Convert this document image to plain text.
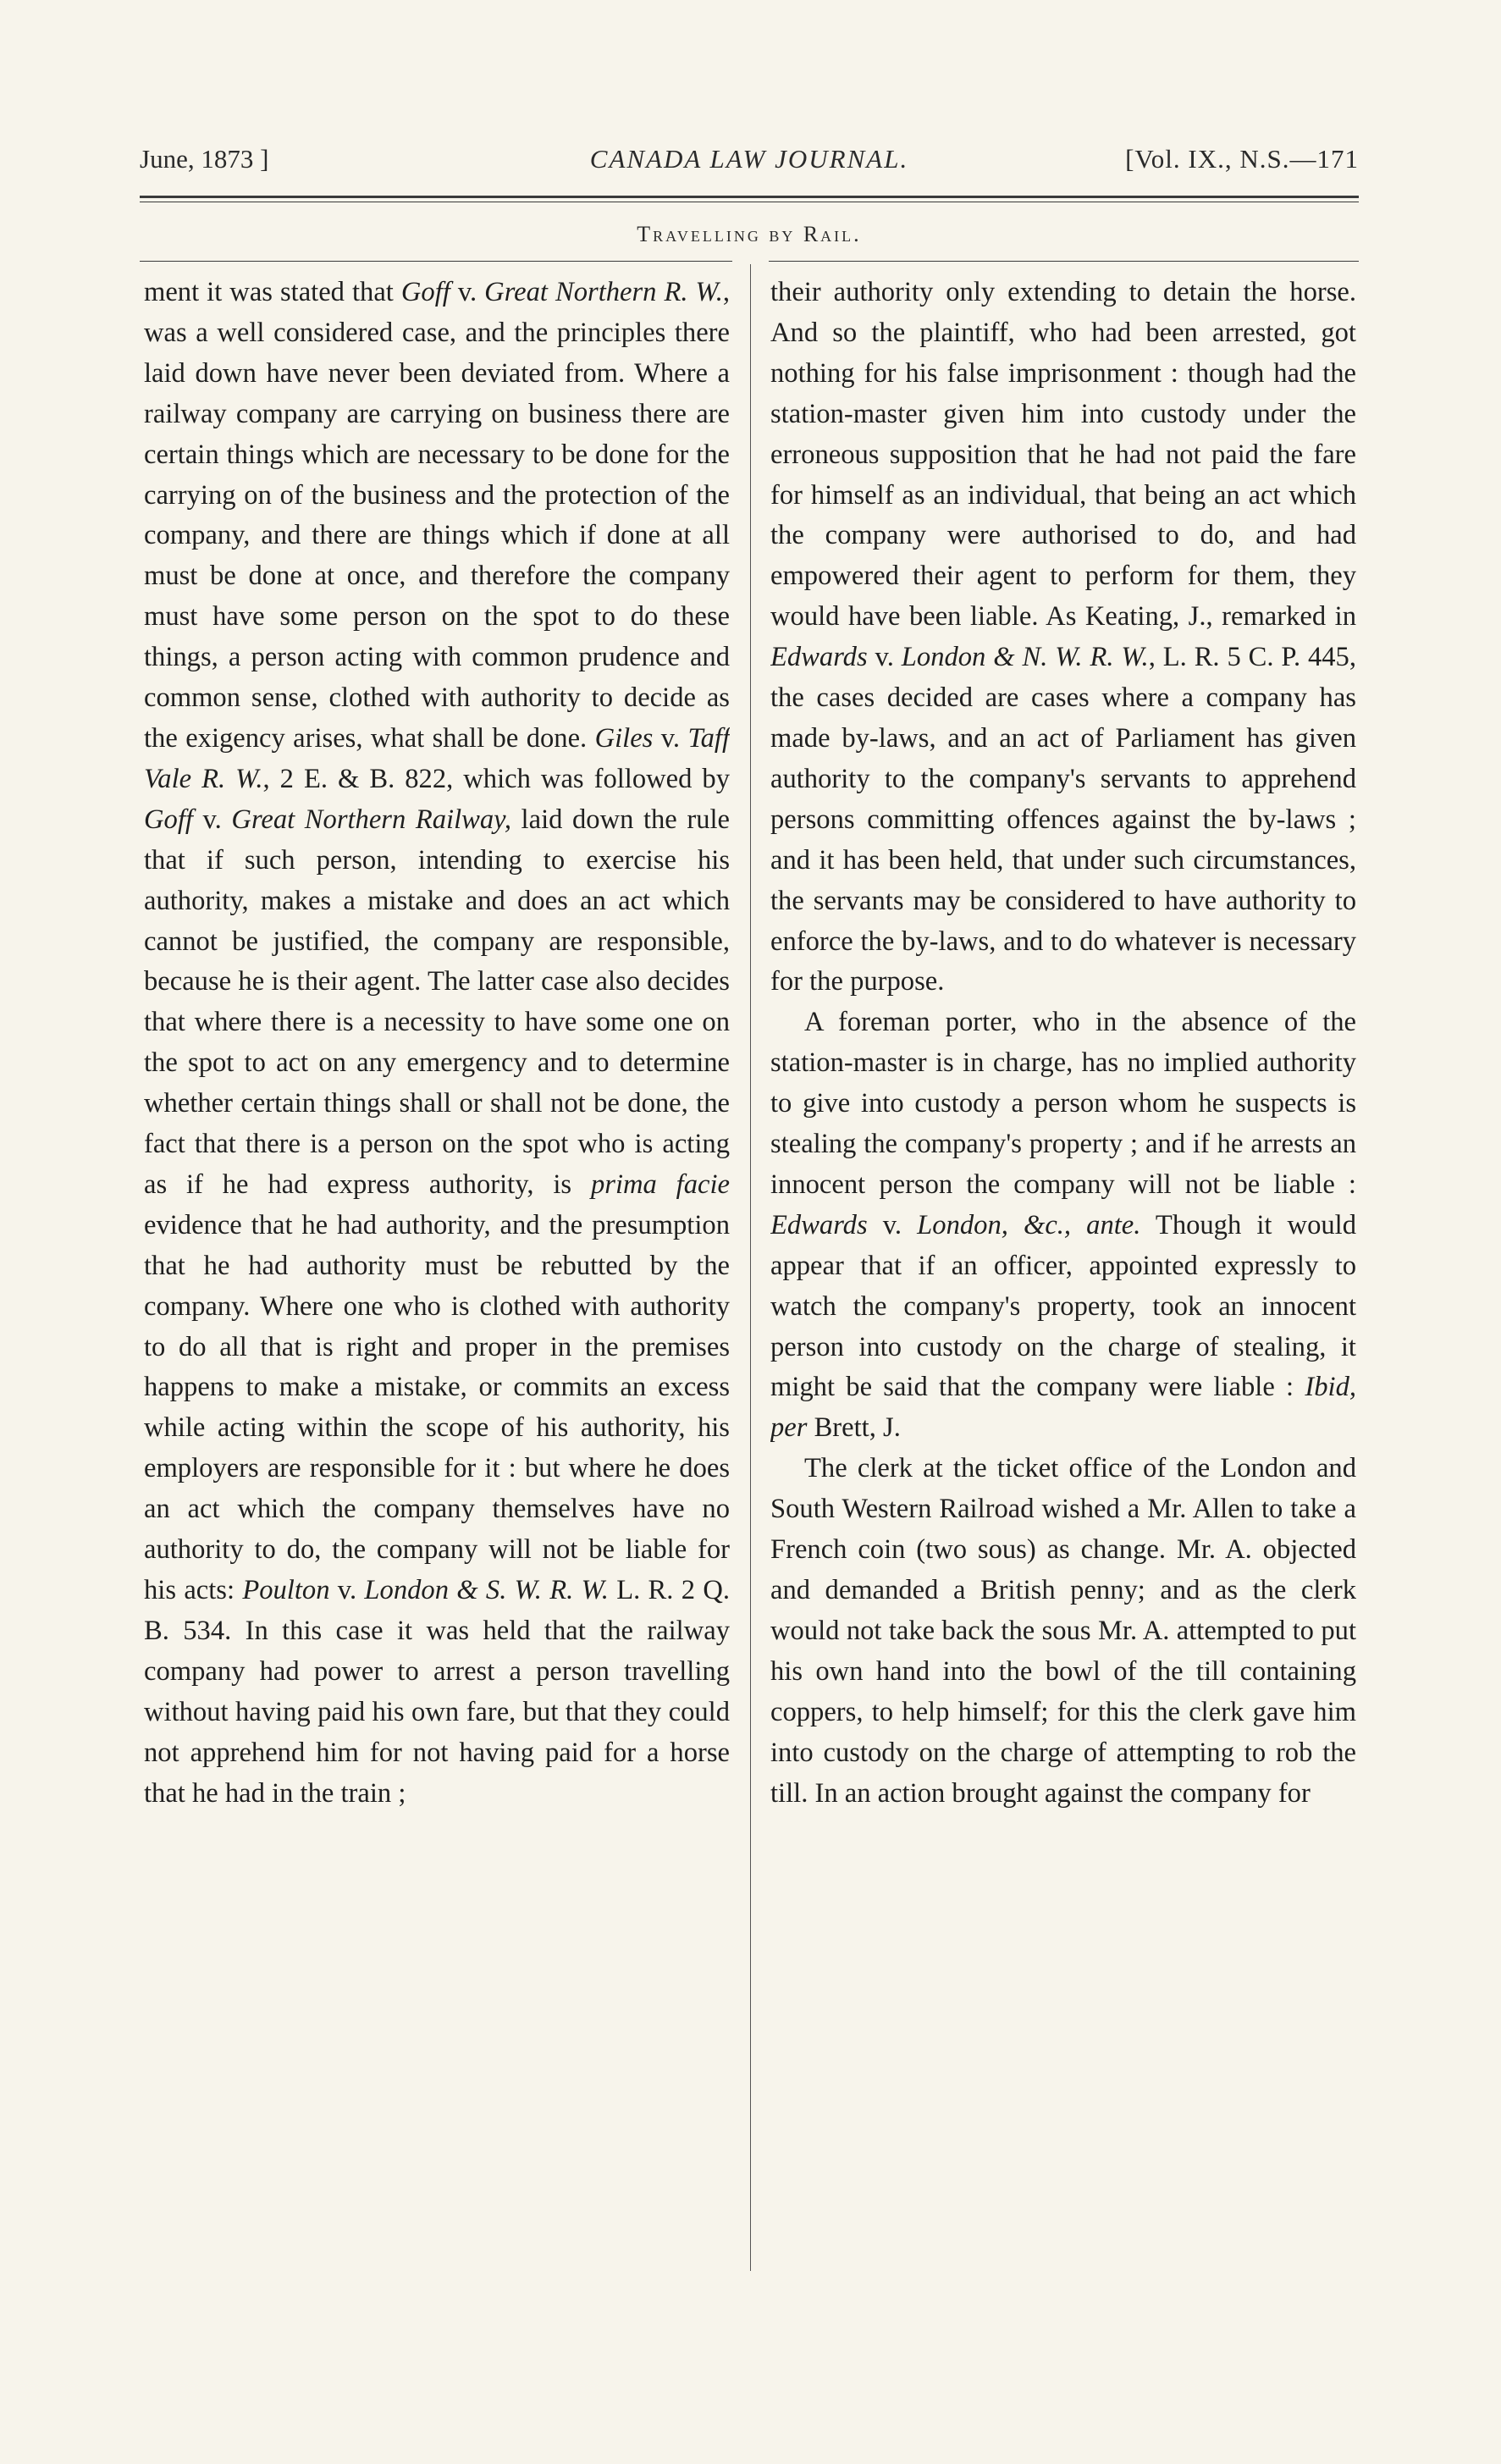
June, 1873 ]	CANADA LAW JOURNAL.	[Vol. IX., N.S.—171
Travelling by Rail.

ment it was stated that Goff v. Great Northern R. W., was a well considered case, and the principles there laid down have never been deviated from. Where a railway company are carrying on business there are certain things which are necessary to be done for the carrying on of the business and the protection of the company, and there are things which if done at all must be done at once, and therefore the company must have some person on the spot to do these things, a person acting with common prudence and common sense, clothed with authority to decide as the exigency arises, what shall be done. Giles v. Taff Vale R. W., 2 E. & B. 822, which was followed by Goff v. Great Northern Railway, laid down the rule that if such person, intending to exercise his authority, makes a mistake and does an act which cannot be justified, the company are responsible, because he is their agent. The latter case also decides that where there is a necessity to have some one on the spot to act on any emergency and to determine whether certain things shall or shall not be done, the fact that there is a person on the spot who is acting as if he had express authority, is prima facie evidence that he had authority, and the presumption that he had authority must be rebutted by the company. Where one who is clothed with authority to do all that is right and proper in the premises happens to make a mistake, or commits an excess while acting within the scope of his authority, his employers are responsible for it : but where he does an act which the company themselves have no authority to do, the company will not be liable for his acts: Poulton v. London & S. W. R. W. L. R. 2 Q. B. 534. In this case it was held that the railway company had power to arrest a person travelling without having paid his own fare, but that they could not apprehend him for not having paid for a horse that he had in the train ;

their authority only extending to detain the horse. And so the plaintiff, who had been arrested, got nothing for his false imprisonment : though had the station-master given him into custody under the erroneous supposition that he had not paid the fare for himself as an individual, that being an act which the company were authorised to do, and had empowered their agent to perform for them, they would have been liable. As Keating, J., remarked in Edwards v. London & N. W. R. W., L. R. 5 C. P. 445, the cases decided are cases where a company has made by-laws, and an act of Parliament has given authority to the company's servants to apprehend persons committing offences against the by-laws ; and it has been held, that under such circumstances, the servants may be considered to have authority to enforce the by-laws, and to do whatever is necessary for the purpose.

A foreman porter, who in the absence of the station-master is in charge, has no implied authority to give into custody a person whom he suspects is stealing the company's property ; and if he arrests an innocent person the company will not be liable : Edwards v. London, &c., ante. Though it would appear that if an officer, appointed expressly to watch the company's property, took an innocent person into custody on the charge of stealing, it might be said that the company were liable : Ibid, per Brett, J.

The clerk at the ticket office of the London and South Western Railroad wished a Mr. Allen to take a French coin (two sous) as change. Mr. A. objected and demanded a British penny; and as the clerk would not take back the sous Mr. A. attempted to put his own hand into the bowl of the till containing coppers, to help himself; for this the clerk gave him into custody on the charge of attempting to rob the till. In an action brought against the company for
